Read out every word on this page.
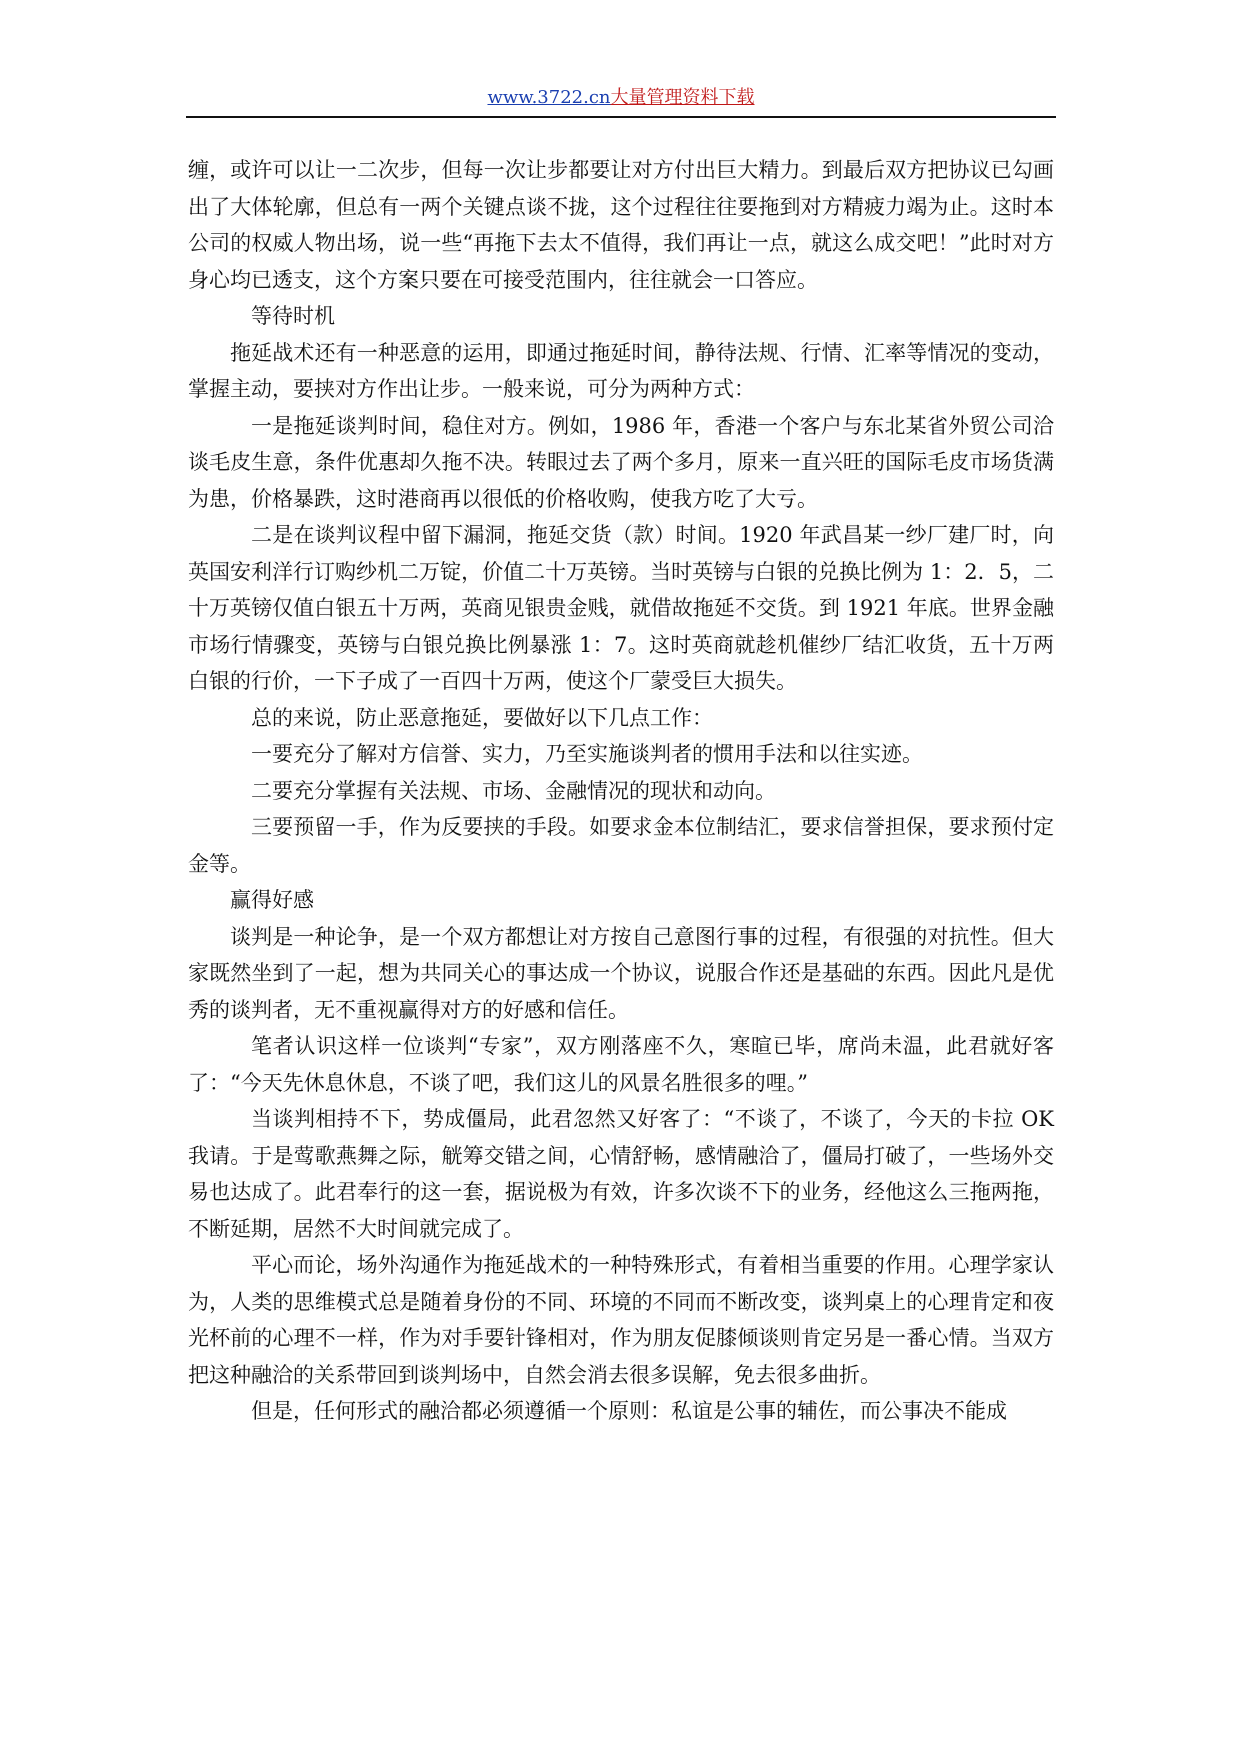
www.3722.cn大量管理资料下载

缠，或许可以让一二次步，但每一次让步都要让对方付出巨大精力。到最后双方把协议已勾画出了大体轮廓，但总有一两个关键点谈不拢，这个过程往往要拖到对方精疲力竭为止。这时本公司的权威人物出场，说一些“再拖下去太不值得，我们再让一点，就这么成交吧！”此时对方身心均已透支，这个方案只要在可接受范围内，往往就会一口答应。

等待时机

拖延战术还有一种恶意的运用，即通过拖延时间，静待法规、行情、汇率等情况的变动，掌握主动，要挟对方作出让步。一般来说，可分为两种方式：

一是拖延谈判时间，稳住对方。例如，1986 年，香港一个客户与东北某省外贸公司洽谈毛皮生意，条件优惠却久拖不决。转眼过去了两个多月，原来一直兴旺的国际毛皮市场货满为患，价格暴跌，这时港商再以很低的价格收购，使我方吃了大亏。

二是在谈判议程中留下漏洞，拖延交货（款）时间。1920 年武昌某一纱厂建厂时，向英国安利洋行订购纱机二万锭，价值二十万英镑。当时英镑与白银的兑换比例为 1：2．5，二十万英镑仅值白银五十万两，英商见银贵金贱，就借故拖延不交货。到 1921 年底。世界金融市场行情骤变，英镑与白银兑换比例暴涨 1：7。这时英商就趁机催纱厂结汇收货，五十万两白银的行价，一下子成了一百四十万两，使这个厂蒙受巨大损失。

总的来说，防止恶意拖延，要做好以下几点工作：

一要充分了解对方信誉、实力，乃至实施谈判者的惯用手法和以往实迹。

二要充分掌握有关法规、市场、金融情况的现状和动向。

三要预留一手，作为反要挟的手段。如要求金本位制结汇，要求信誉担保，要求预付定金等。

赢得好感

谈判是一种论争，是一个双方都想让对方按自己意图行事的过程，有很强的对抗性。但大家既然坐到了一起，想为共同关心的事达成一个协议，说服合作还是基础的东西。因此凡是优秀的谈判者，无不重视赢得对方的好感和信任。

笔者认识这样一位谈判“专家”，双方刚落座不久，寒暄已毕，席尚未温，此君就好客了：“今天先休息休息，不谈了吧，我们这儿的风景名胜很多的哩。”

当谈判相持不下，势成僵局，此君忽然又好客了：“不谈了，不谈了，今天的卡拉 OK 我请。于是莺歌燕舞之际，觥筹交错之间，心情舒畅，感情融洽了，僵局打破了，一些场外交易也达成了。此君奉行的这一套，据说极为有效，许多次谈不下的业务，经他这么三拖两拖，不断延期，居然不大时间就完成了。

平心而论，场外沟通作为拖延战术的一种特殊形式，有着相当重要的作用。心理学家认为，人类的思维模式总是随着身份的不同、环境的不同而不断改变，谈判桌上的心理肯定和夜光杯前的心理不一样，作为对手要针锋相对，作为朋友促膝倾谈则肯定另是一番心情。当双方把这种融洽的关系带回到谈判场中，自然会消去很多误解，免去很多曲折。

但是，任何形式的融洽都必须遵循一个原则：私谊是公事的辅佐，而公事决不能成
